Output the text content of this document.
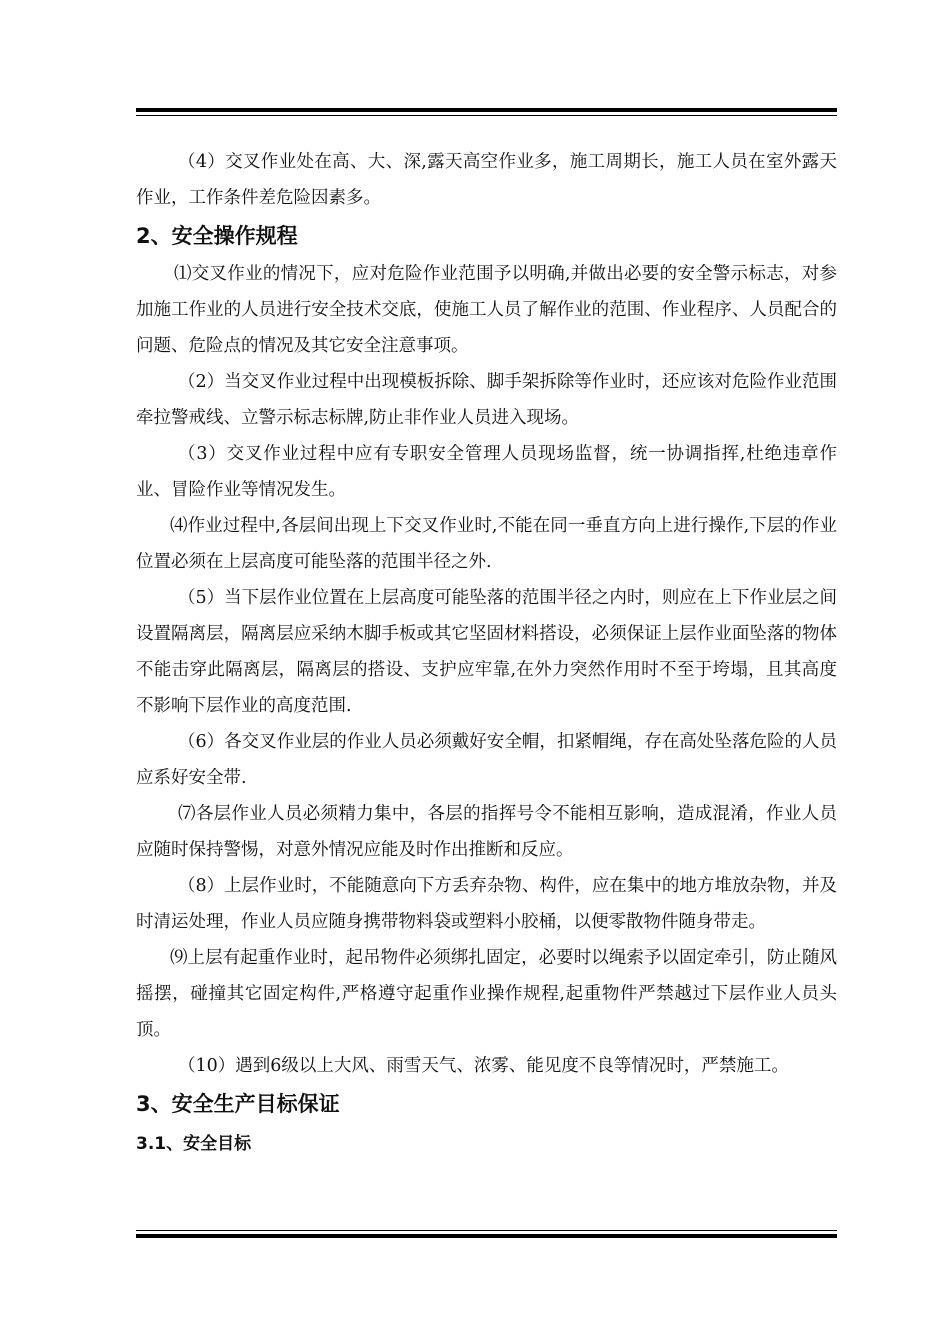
（4）交叉作业处在高、大、深,露天高空作业多，施工周期长，施工人员在室外露天作业，工作条件差危险因素多。

2、安全操作规程

⑴交叉作业的情况下，应对危险作业范围予以明确,并做出必要的安全警示标志，对参加施工作业的人员进行安全技术交底，使施工人员了解作业的范围、作业程序、人员配合的问题、危险点的情况及其它安全注意事项。

（2）当交叉作业过程中出现模板拆除、脚手架拆除等作业时，还应该对危险作业范围牵拉警戒线、立警示标志标牌,防止非作业人员进入现场。

（3）交叉作业过程中应有专职安全管理人员现场监督，统一协调指挥,杜绝违章作业、冒险作业等情况发生。

⑷作业过程中,各层间出现上下交叉作业时,不能在同一垂直方向上进行操作,下层的作业位置必须在上层高度可能坠落的范围半径之外.

（5）当下层作业位置在上层高度可能坠落的范围半径之内时，则应在上下作业层之间设置隔离层，隔离层应采纳木脚手板或其它坚固材料搭设，必须保证上层作业面坠落的物体不能击穿此隔离层，隔离层的搭设、支护应牢靠,在外力突然作用时不至于垮塌，且其高度不影响下层作业的高度范围.

（6）各交叉作业层的作业人员必须戴好安全帽，扣紧帽绳，存在高处坠落危险的人员应系好安全带.

⑺各层作业人员必须精力集中，各层的指挥号令不能相互影响，造成混淆，作业人员应随时保持警惕，对意外情况应能及时作出推断和反应。

（8）上层作业时，不能随意向下方丢弃杂物、构件，应在集中的地方堆放杂物，并及时清运处理，作业人员应随身携带物料袋或塑料小胶桶，以便零散物件随身带走。

⑼上层有起重作业时，起吊物件必须绑扎固定，必要时以绳索予以固定牵引，防止随风摇摆，碰撞其它固定构件,严格遵守起重作业操作规程,起重物件严禁越过下层作业人员头顶。

（10）遇到6级以上大风、雨雪天气、浓雾、能见度不良等情况时，严禁施工。

3、安全生产目标保证
3.1、安全目标
